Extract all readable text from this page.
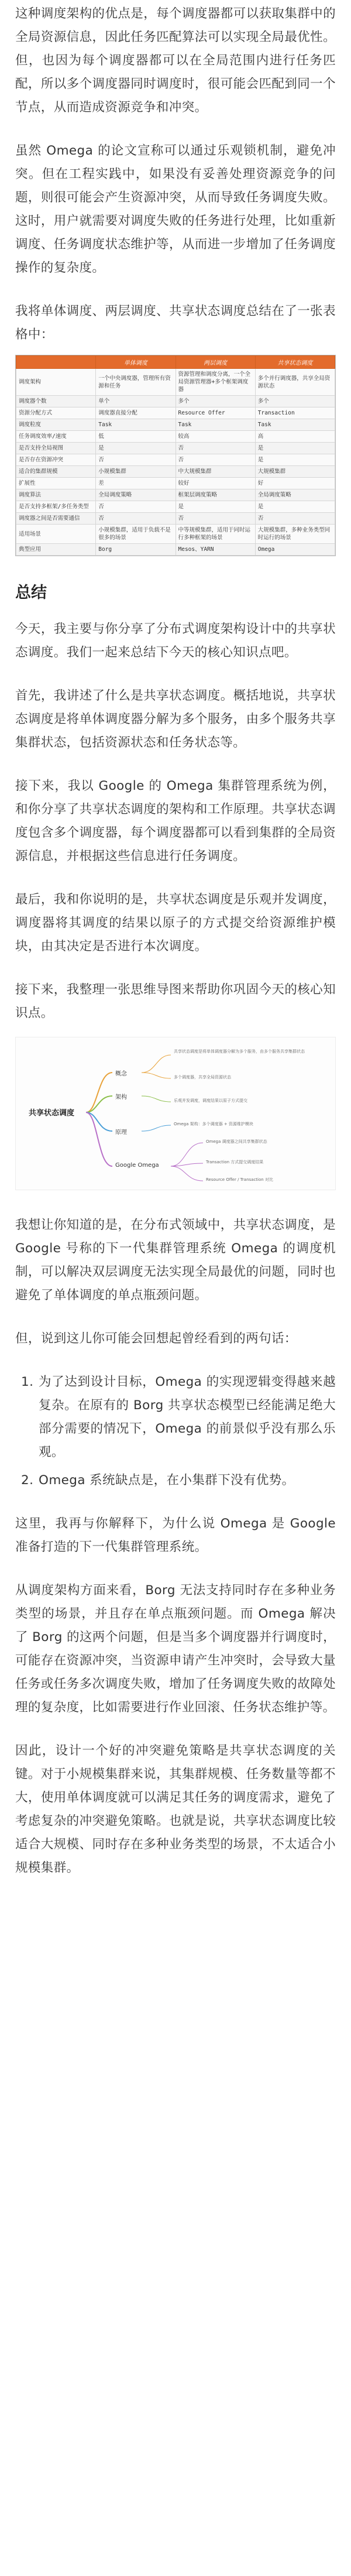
这种调度架构的优点是，每个调度器都可以获取集群中的全局资源信息，因此任务匹配算法可以实现全局最优性。但，也因为每个调度器都可以在全局范围内进行任务匹配，所以多个调度器同时调度时，很可能会匹配到同一个节点，从而造成资源竞争和冲突。

虽然 Omega 的论文宣称可以通过乐观锁机制，避免冲突。但在工程实践中，如果没有妥善处理资源竞争的问题，则很可能会产生资源冲突，从而导致任务调度失败。这时，用户就需要对调度失败的任务进行处理，比如重新调度、任务调度状态维护等，从而进一步增加了任务调度操作的复杂度。

我将单体调度、两层调度、共享状态调度总结在了一张表格中：

	单体调度	两层调度	共享状态调度
调度架构	一个中央调度器，管理所有资源和任务	资源管理和调度分离，一个全局资源管理器+多个框架调度器	多个并行调度器，共享全局资源状态
调度器个数	单个	多个	多个
资源分配方式	调度器直接分配	Resource Offer	Transaction
调度粒度	Task	Task	Task
任务调度效率/速度	低	较高	高
是否支持全局视图	是	否	是
是否存在资源冲突	否	否	是
适合的集群规模	小规模集群	中大规模集群	大规模集群
扩展性	差	较好	好
调度算法	全局调度策略	框架层调度策略	全局调度策略
是否支持多框架/多任务类型	否	是	是
调度器之间是否需要通信	否	否	否
适用场景	小规模集群，适用于负载不是很多的场景	中等规模集群，适用于同时运行多种框架的场景	大规模集群，多种业务类型同时运行的场景
典型应用	Borg	Mesos、YARN	Omega
总结

今天，我主要与你分享了分布式调度架构设计中的共享状态调度。我们一起来总结下今天的核心知识点吧。

首先，我讲述了什么是共享状态调度。概括地说，共享状态调度是将单体调度器分解为多个服务，由多个服务共享集群状态，包括资源状态和任务状态等。

接下来，我以 Google 的 Omega 集群管理系统为例，和你分享了共享状态调度的架构和工作原理。共享状态调度包含多个调度器，每个调度器都可以看到集群的全局资源信息，并根据这些信息进行任务调度。

最后，我和你说明的是，共享状态调度是乐观并发调度，调度器将其调度的结果以原子的方式提交给资源维护模块，由其决定是否进行本次调度。

接下来，我整理一张思维导图来帮助你巩固今天的核心知识点。

共享状态调度
概念
架构
原理
Google Omega
共享状态调度是将单体调度器分解为多个服务，由多个服务共享集群状态
多个调度器，共享全局资源状态
乐观并发调度，调度结果以原子方式提交
Omega 架构：多个调度器 + 资源维护模块
Omega 调度器之间共享集群状态
Transaction 方式提交调度结果
Resource Offer / Transaction 对比

我想让你知道的是，在分布式领域中，共享状态调度，是 Google 号称的下一代集群管理系统 Omega 的调度机制，可以解决双层调度无法实现全局最优的问题，同时也避免了单体调度的单点瓶颈问题。

但，说到这儿你可能会回想起曾经看到的两句话：

1. 为了达到设计目标，Omega 的实现逻辑变得越来越复杂。在原有的 Borg 共享状态模型已经能满足绝大部分需要的情况下，Omega 的前景似乎没有那么乐观。
2. Omega 系统缺点是，在小集群下没有优势。

这里，我再与你解释下，为什么说 Omega 是 Google 准备打造的下一代集群管理系统。

从调度架构方面来看，Borg 无法支持同时存在多种业务类型的场景，并且存在单点瓶颈问题。而 Omega 解决了 Borg 的这两个问题，但是当多个调度器并行调度时，可能存在资源冲突，当资源申请产生冲突时，会导致大量任务或任务多次调度失败，增加了任务调度失败的故障处理的复杂度，比如需要进行作业回滚、任务状态维护等。

因此，设计一个好的冲突避免策略是共享状态调度的关键。对于小规模集群来说，其集群规模、任务数量等都不大，使用单体调度就可以满足其任务的调度需求，避免了考虑复杂的冲突避免策略。也就是说，共享状态调度比较适合大规模、同时存在多种业务类型的场景，不太适合小规模集群。
